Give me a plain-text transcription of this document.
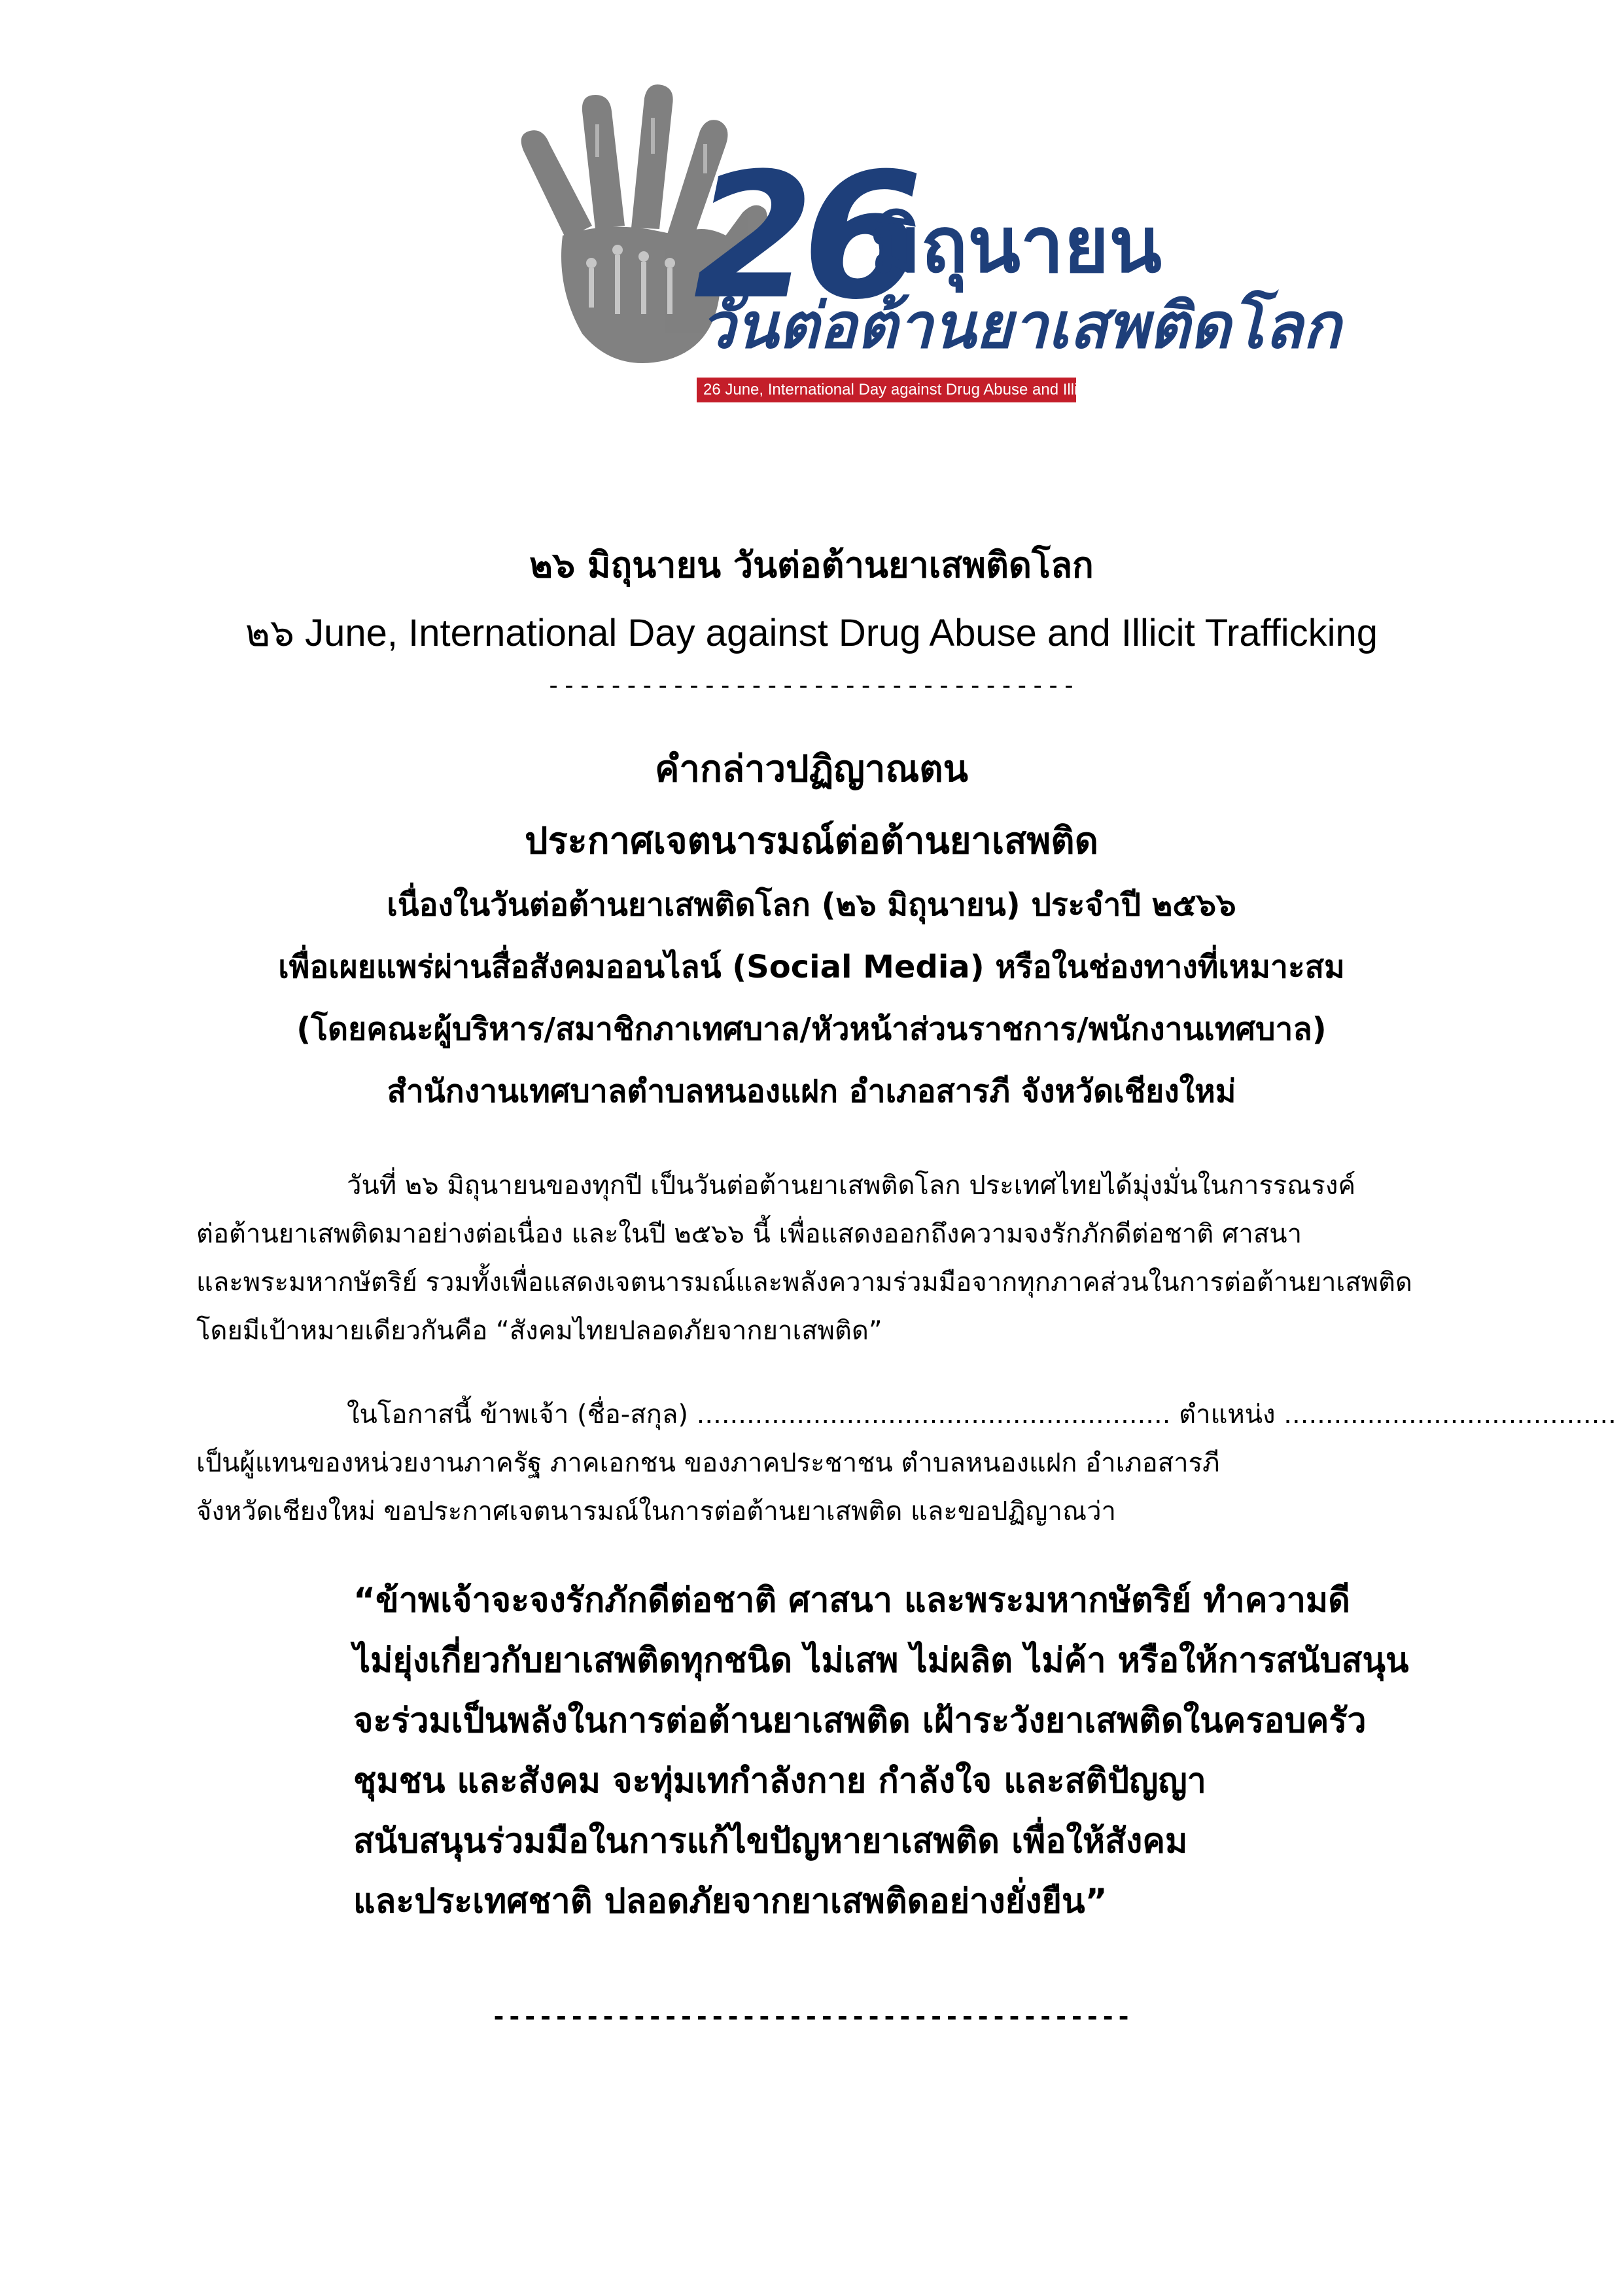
26
มิถุนายน
วันต่อต้านยาเสพติดโลก
26 June, International Day against Drug Abuse and Illicit Trafficking
๒๖ มิถุนายน วันต่อต้านยาเสพติดโลก
๒๖ June, International Day against Drug Abuse and Illicit Trafficking
----------------------------------
คำกล่าวปฏิญาณตน
ประกาศเจตนารมณ์ต่อต้านยาเสพติด
เนื่องในวันต่อต้านยาเสพติดโลก (๒๖ มิถุนายน) ประจำปี ๒๕๖๖
เพื่อเผยแพร่ผ่านสื่อสังคมออนไลน์ (Social Media) หรือในช่องทางที่เหมาะสม
(โดยคณะผู้บริหาร/สมาชิกภาเทศบาล/หัวหน้าส่วนราชการ/พนักงานเทศบาล)
สำนักงานเทศบาลตำบลหนองแฝก อำเภอสารภี จังหวัดเชียงใหม่
วันที่ ๒๖ มิถุนายนของทุกปี เป็นวันต่อต้านยาเสพติดโลก ประเทศไทยได้มุ่งมั่นในการรณรงค์
ต่อต้านยาเสพติดมาอย่างต่อเนื่อง และในปี ๒๕๖๖ นี้ เพื่อแสดงออกถึงความจงรักภักดีต่อชาติ ศาสนา
และพระมหากษัตริย์ รวมทั้งเพื่อแสดงเจตนารมณ์และพลังความร่วมมือจากทุกภาคส่วนในการต่อต้านยาเสพติด
โดยมีเป้าหมายเดียวกันคือ “สังคมไทยปลอดภัยจากยาเสพติด”
ในโอกาสนี้ ข้าพเจ้า (ชื่อ-สกุล) ......................................................... ตำแหน่ง ........................................
เป็นผู้แทนของหน่วยงานภาครัฐ ภาคเอกชน ของภาคประชาชน ตำบลหนองแฝก อำเภอสารภี
จังหวัดเชียงใหม่ ขอประกาศเจตนารมณ์ในการต่อต้านยาเสพติด และขอปฏิญาณว่า
“ข้าพเจ้าจะจงรักภักดีต่อชาติ ศาสนา และพระมหากษัตริย์ ทำความดี
ไม่ยุ่งเกี่ยวกับยาเสพติดทุกชนิด ไม่เสพ ไม่ผลิต ไม่ค้า หรือให้การสนับสนุน
จะร่วมเป็นพลังในการต่อต้านยาเสพติด เฝ้าระวังยาเสพติดในครอบครัว
ชุมชน และสังคม จะทุ่มเทกำลังกาย กำลังใจ และสติปัญญา
สนับสนุนร่วมมือในการแก้ไขปัญหายาเสพติด เพื่อให้สังคม
และประเทศชาติ ปลอดภัยจากยาเสพติดอย่างยั่งยืน”
-----------------------------------------
